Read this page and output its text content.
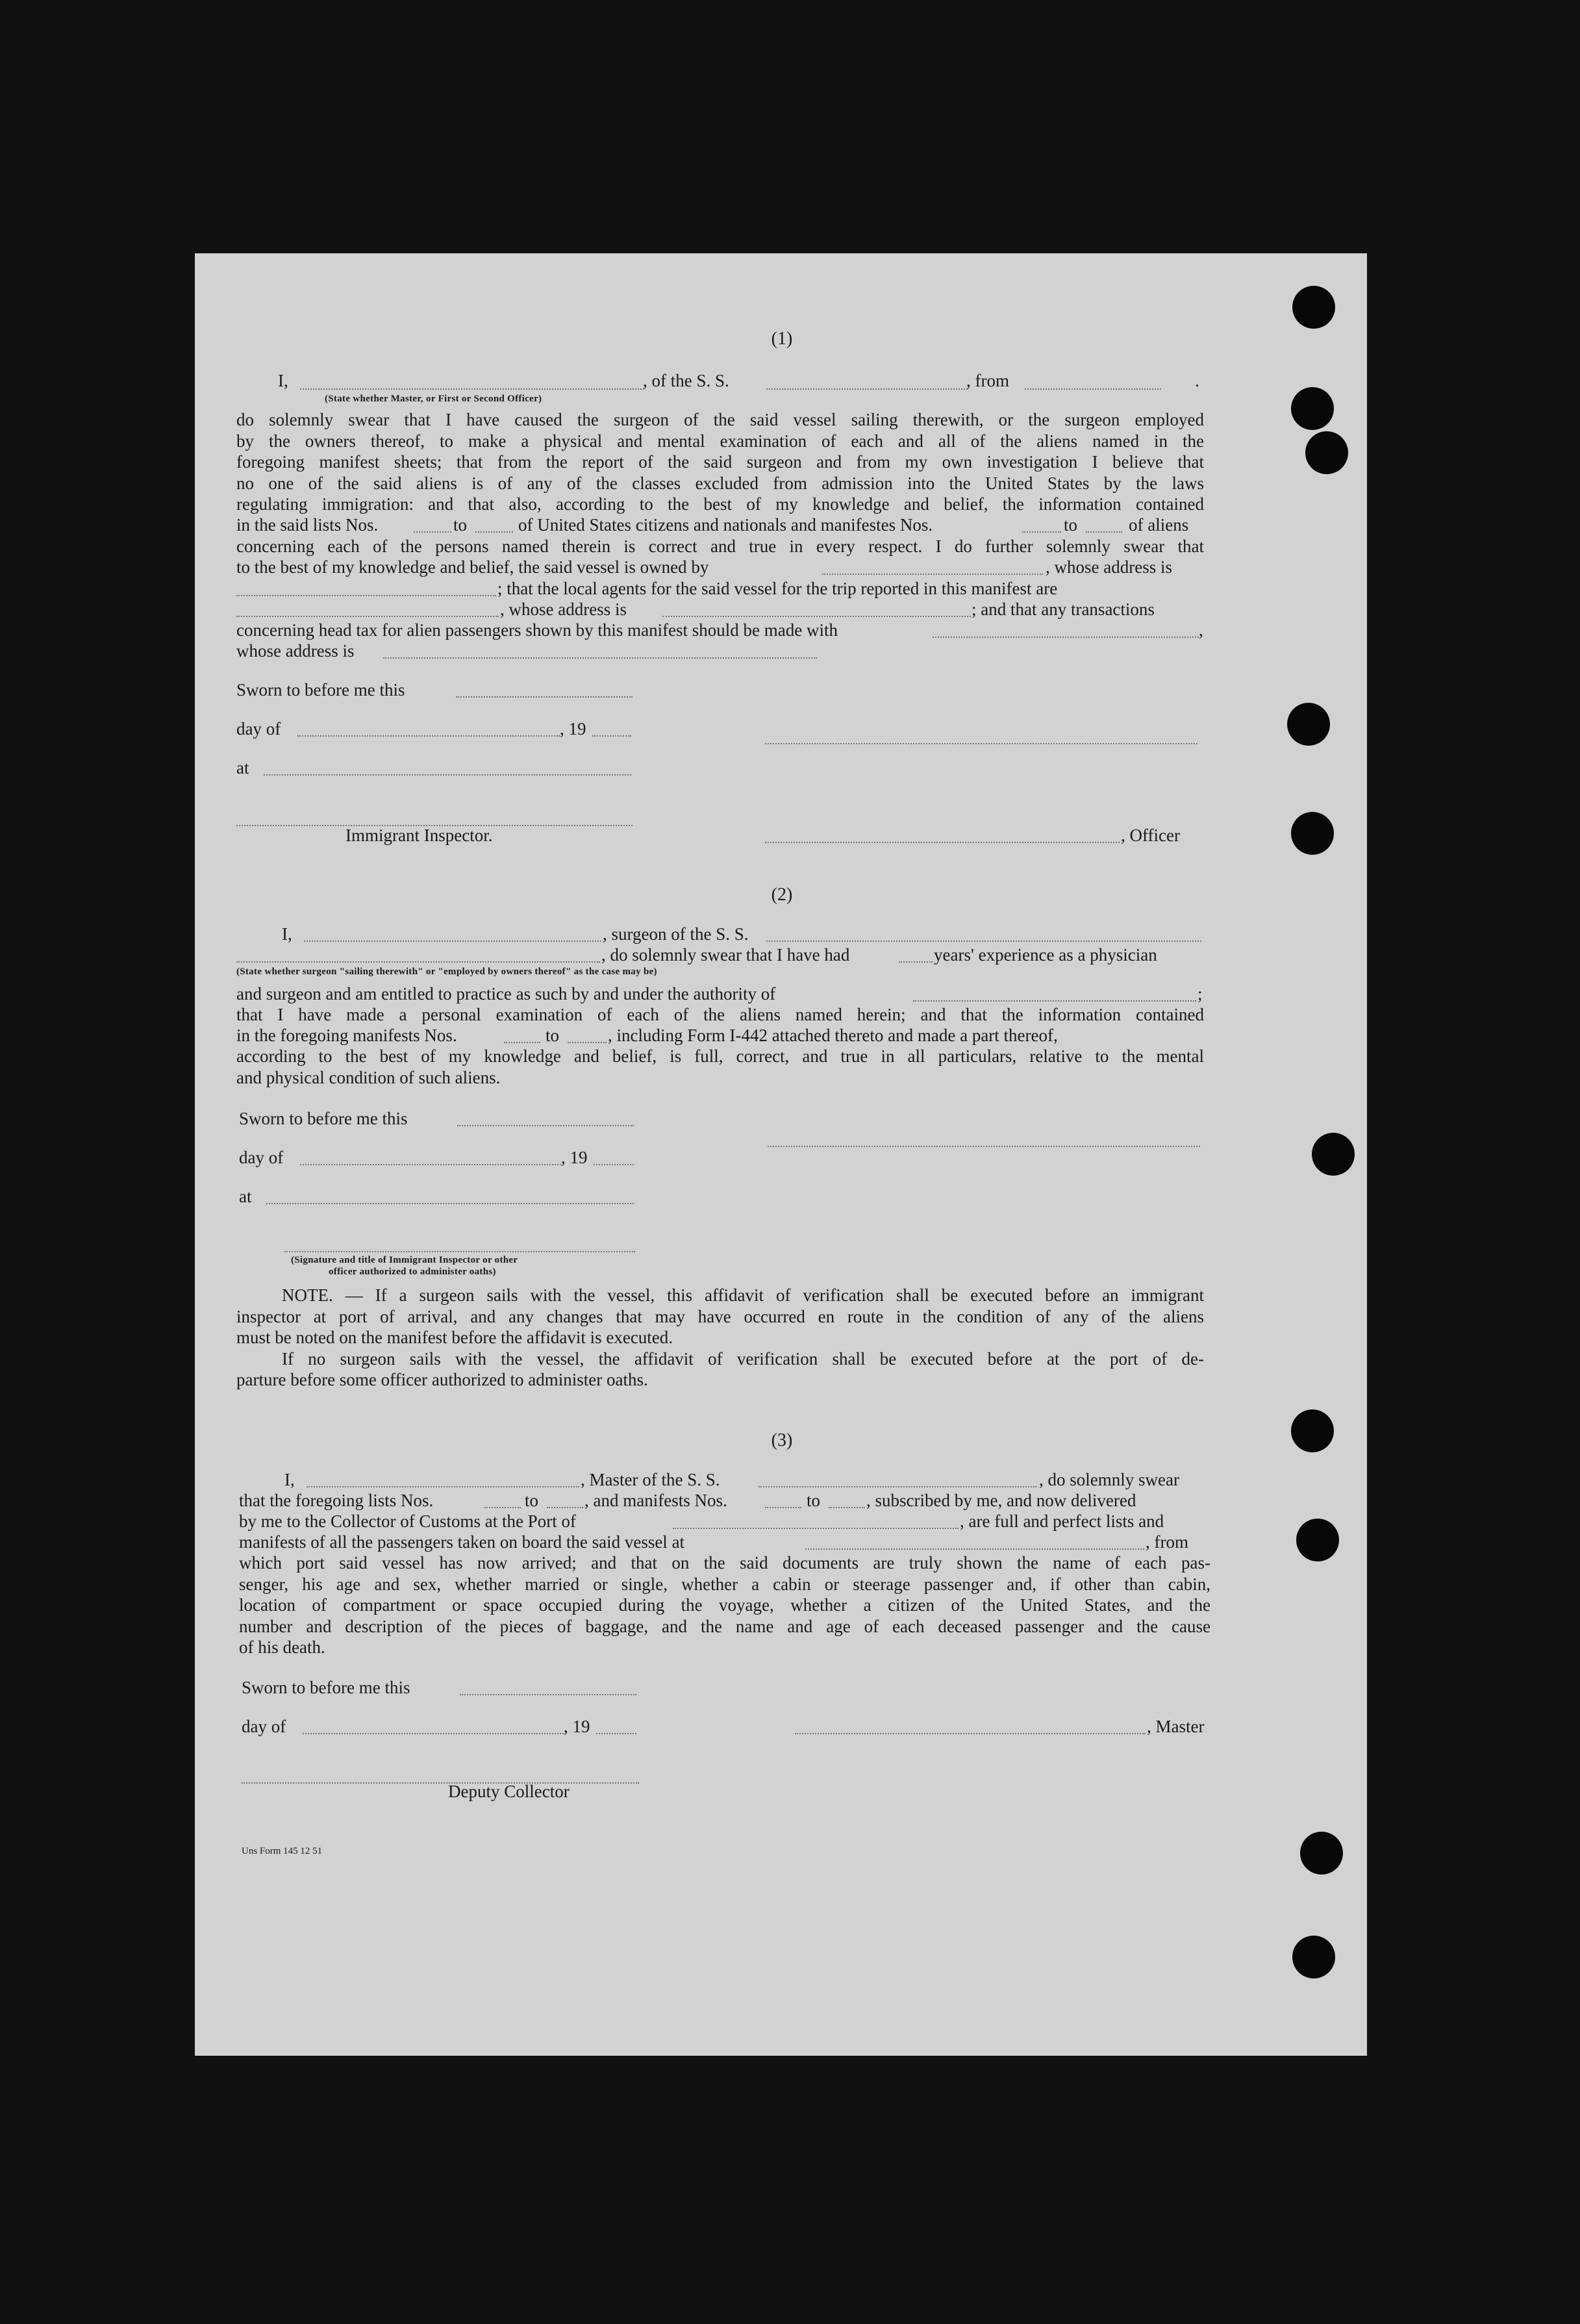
(1)
I,	, of the S. S.	, from	.
(State whether Master, or First or Second Officer)
do solemnly swear that I have caused the surgeon of the said vessel sailing therewith, or the surgeon employed
by the owners thereof, to make a physical and mental examination of each and all of the aliens named in the
foregoing manifest sheets; that from the report of the said surgeon and from my own investigation I believe that
no one of the said aliens is of any of the classes excluded from admission into the United States by the laws
regulating immigration: and that also, according to the best of my knowledge and belief, the information contained
in the said lists Nos.	to	of United States citizens and nationals and manifestes Nos.	to	of aliens
concerning each of the persons named therein is correct and true in every respect. I do further solemnly swear that
to the best of my knowledge and belief, the said vessel is owned by	, whose address is
; that the local agents for the said vessel for the trip reported in this manifest are
, whose address is	; and that any transactions
concerning head tax for alien passengers shown by this manifest should be made with	,
whose address is
Sworn to before me this
day of	, 19
at
Immigrant Inspector.	, Officer
(2)
I,	, surgeon of the S. S.
, do solemnly swear that I have had	years' experience as a physician
(State whether surgeon "sailing therewith" or "employed by owners thereof" as the case may be)
and surgeon and am entitled to practice as such by and under the authority of	;
that I have made a personal examination of each of the aliens named herein; and that the information contained
in the foregoing manifests Nos.	to	, including Form I-442 attached thereto and made a part thereof,
according to the best of my knowledge and belief, is full, correct, and true in all particulars, relative to the mental
and physical condition of such aliens.
Sworn to before me this
day of	, 19
at
(Signature and title of Immigrant Inspector or other
officer authorized to administer oaths)
NOTE. — If a surgeon sails with the vessel, this affidavit of verification shall be executed before an immigrant
inspector at port of arrival, and any changes that may have occurred en route in the condition of any of the aliens
must be noted on the manifest before the affidavit is executed.
If no surgeon sails with the vessel, the affidavit of verification shall be executed before at the port of de-
parture before some officer authorized to administer oaths.
(3)
I,	, Master of the S. S.	, do solemnly swear
that the foregoing lists Nos.	to	, and manifests Nos.	to	, subscribed by me, and now delivered
by me to the Collector of Customs at the Port of	, are full and perfect lists and
manifests of all the passengers taken on board the said vessel at	, from
which port said vessel has now arrived; and that on the said documents are truly shown the name of each pas-
senger, his age and sex, whether married or single, whether a cabin or steerage passenger and, if other than cabin,
location of compartment or space occupied during the voyage, whether a citizen of the United States, and the
number and description of the pieces of baggage, and the name and age of each deceased passenger and the cause
of his death.
Sworn to before me this
day of	, 19	, Master
Deputy Collector
Uns Form 145 12 51
